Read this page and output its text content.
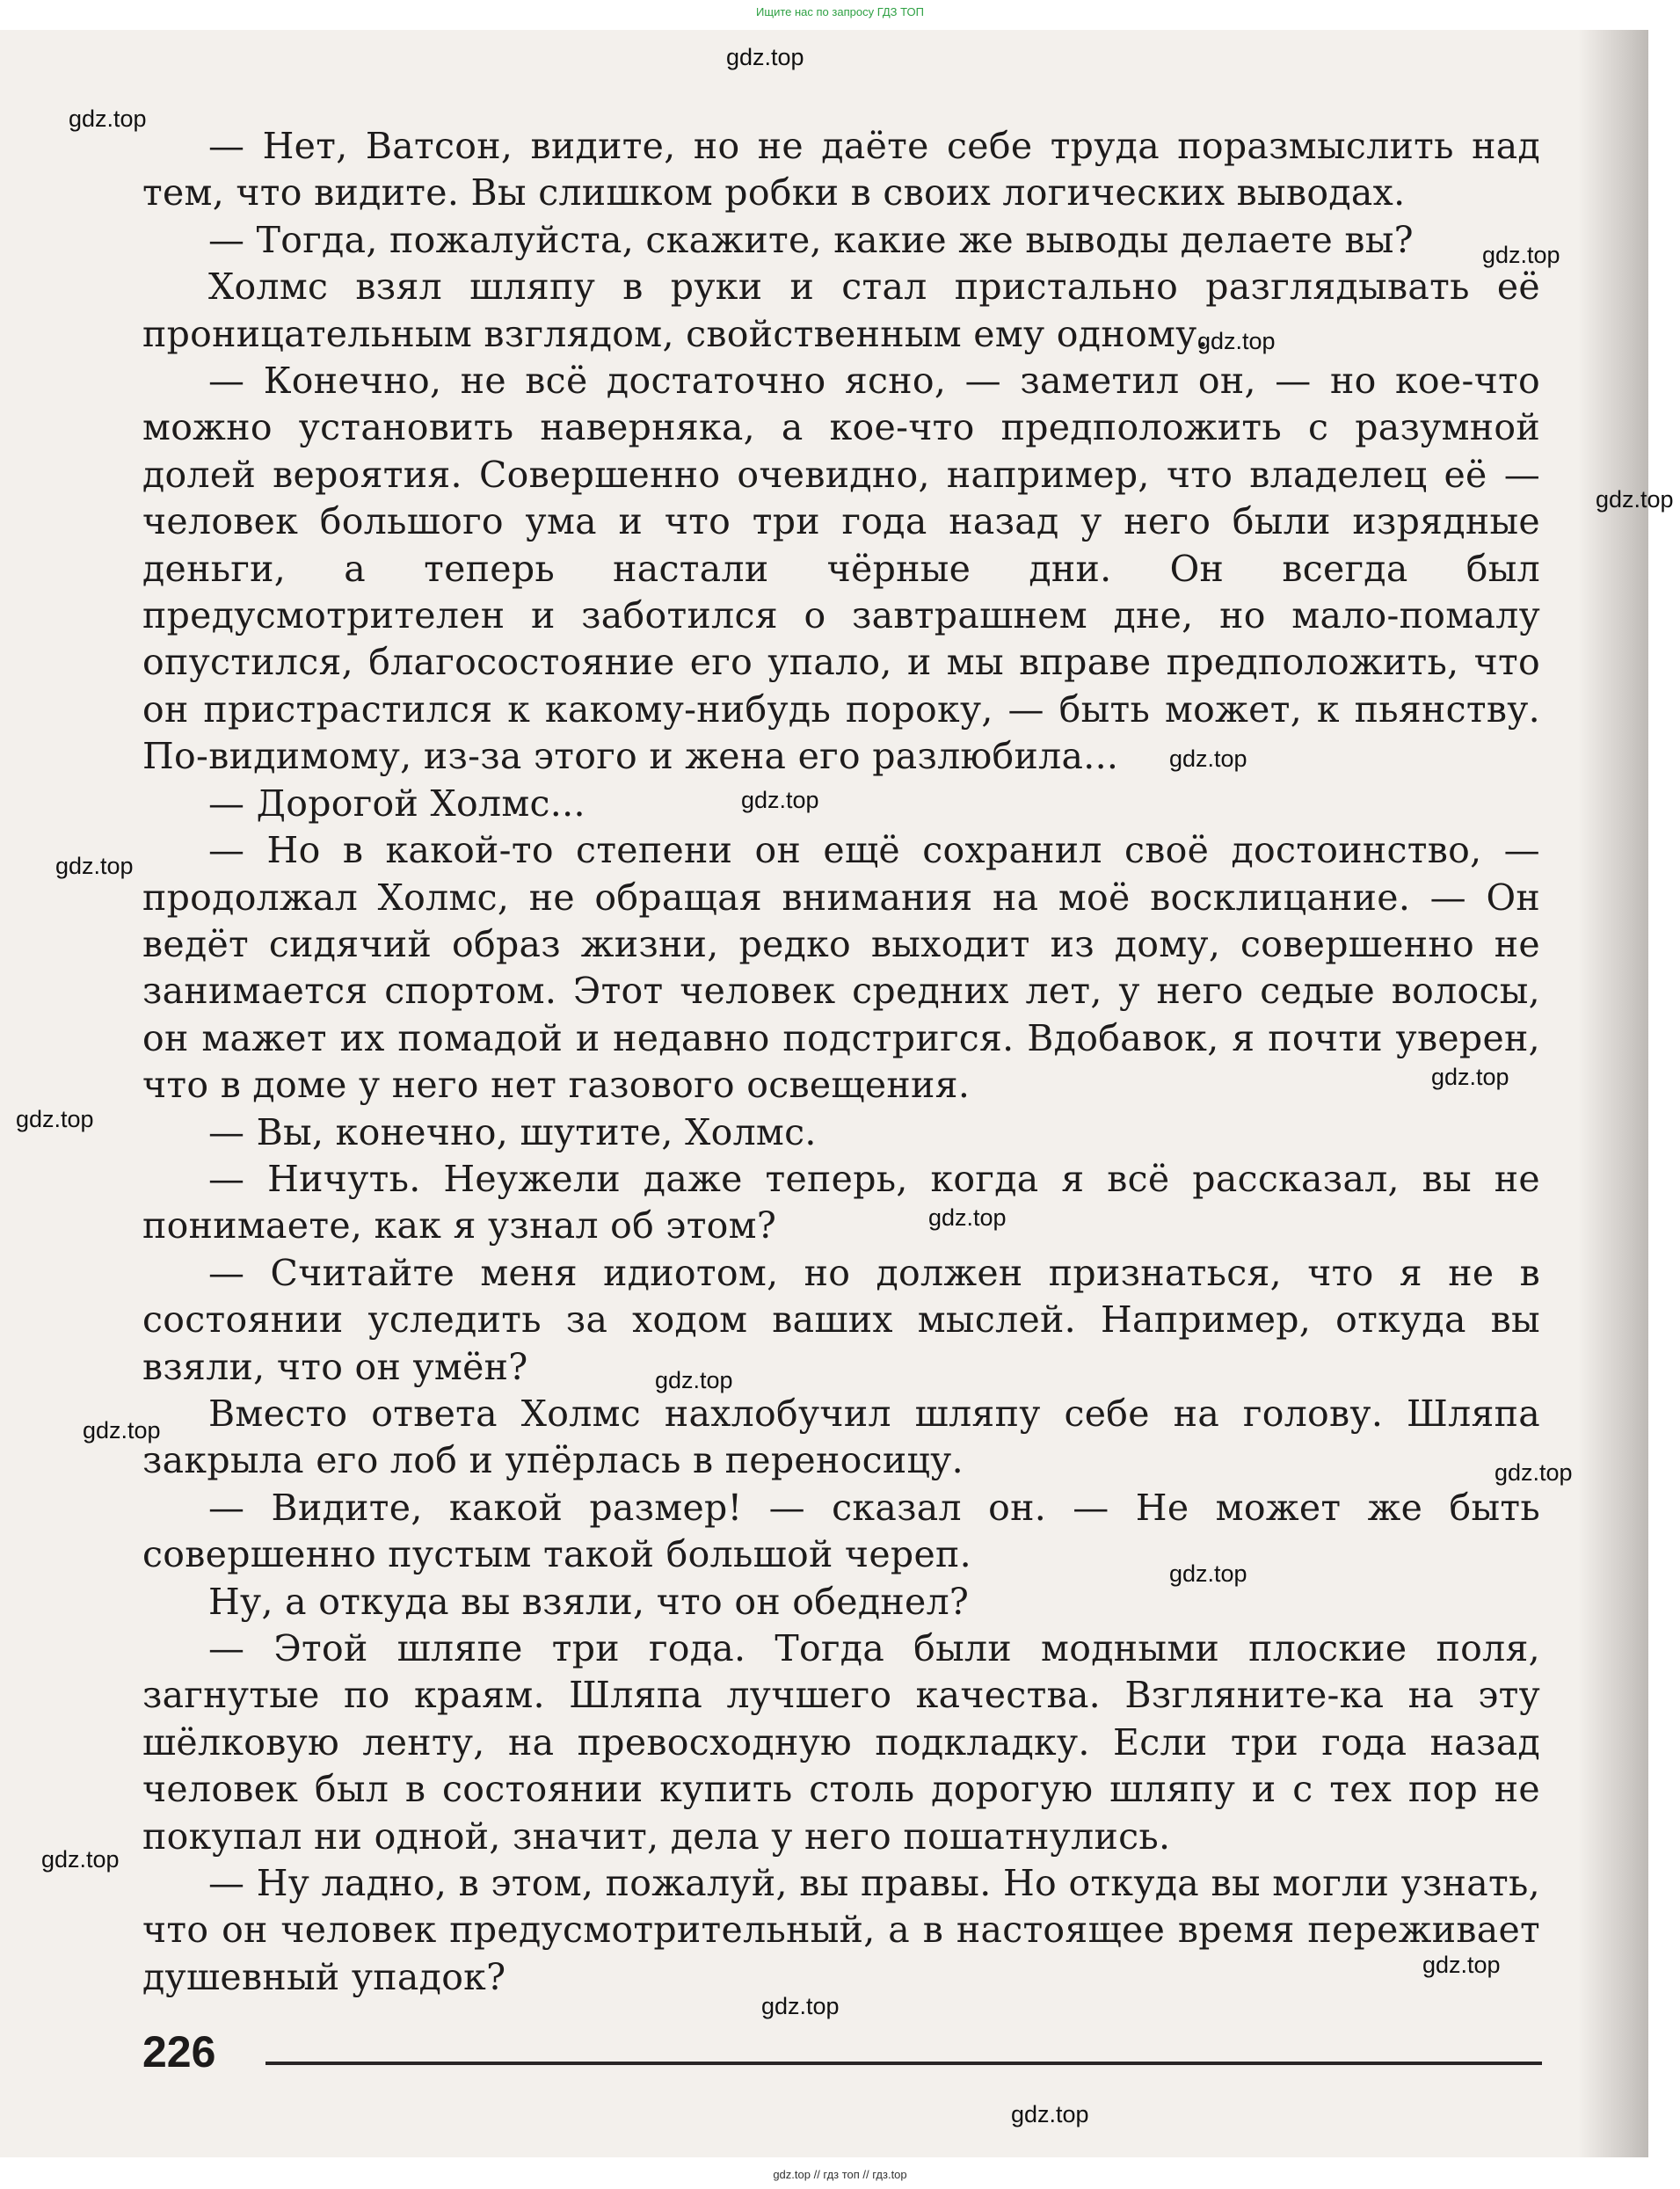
Ищите нас по запросу ГДЗ ТОП

— Нет, Ватсон, видите, но не даёте себе труда поразмыслить над тем, что видите. Вы слишком робки в своих логических выводах.

— Тогда, пожалуйста, скажите, какие же выводы делаете вы?

Холмс взял шляпу в руки и стал пристально разглядывать её проницательным взглядом, свойственным ему одному.

— Конечно, не всё достаточно ясно, — заметил он, — но кое-что можно установить наверняка, а кое-что предположить с разумной долей вероятия. Совершенно очевидно, например, что владелец её — человек большого ума и что три года назад у него были изрядные деньги, а теперь настали чёрные дни. Он всегда был предусмотрителен и заботился о завтрашнем дне, но мало-помалу опустился, благосостояние его упало, и мы вправе предположить, что он пристрастился к какому-нибудь пороку, — быть может, к пьянству. По-видимому, из-за этого и жена его разлюбила...

— Дорогой Холмс...

— Но в какой-то степени он ещё сохранил своё достоинство, — продолжал Холмс, не обращая внимания на моё восклицание. — Он ведёт сидячий образ жизни, редко выходит из дому, совершенно не занимается спортом. Этот человек средних лет, у него седые волосы, он мажет их помадой и недавно подстригся. Вдобавок, я почти уверен, что в доме у него нет газового освещения.

— Вы, конечно, шутите, Холмс.

— Ничуть. Неужели даже теперь, когда я всё рассказал, вы не понимаете, как я узнал об этом?

— Считайте меня идиотом, но должен признаться, что я не в состоянии уследить за ходом ваших мыслей. Например, откуда вы взяли, что он умён?

Вместо ответа Холмс нахлобучил шляпу себе на голову. Шляпа закрыла его лоб и упёрлась в переносицу.

— Видите, какой размер! — сказал он. — Не может же быть совершенно пустым такой большой череп.

Ну, а откуда вы взяли, что он обеднел?

— Этой шляпе три года. Тогда были модными плоские поля, загнутые по краям. Шляпа лучшего качества. Взгляните-ка на эту шёлковую ленту, на превосходную подкладку. Если три года назад человек был в состоянии купить столь дорогую шляпу и с тех пор не покупал ни одной, значит, дела у него пошатнулись.

— Ну ладно, в этом, пожалуй, вы правы. Но откуда вы могли узнать, что он человек предусмотрительный, а в настоящее время переживает душевный упадок?

226
gdz.top
gdz.top
gdz.top
gdz.top
gdz.top
gdz.top
gdz.top
gdz.top
gdz.top
gdz.top
gdz.top
gdz.top
gdz.top
gdz.top
gdz.top
gdz.top
gdz.top
gdz.top
gdz.top
gdz.top // гдз топ // гдз.top
